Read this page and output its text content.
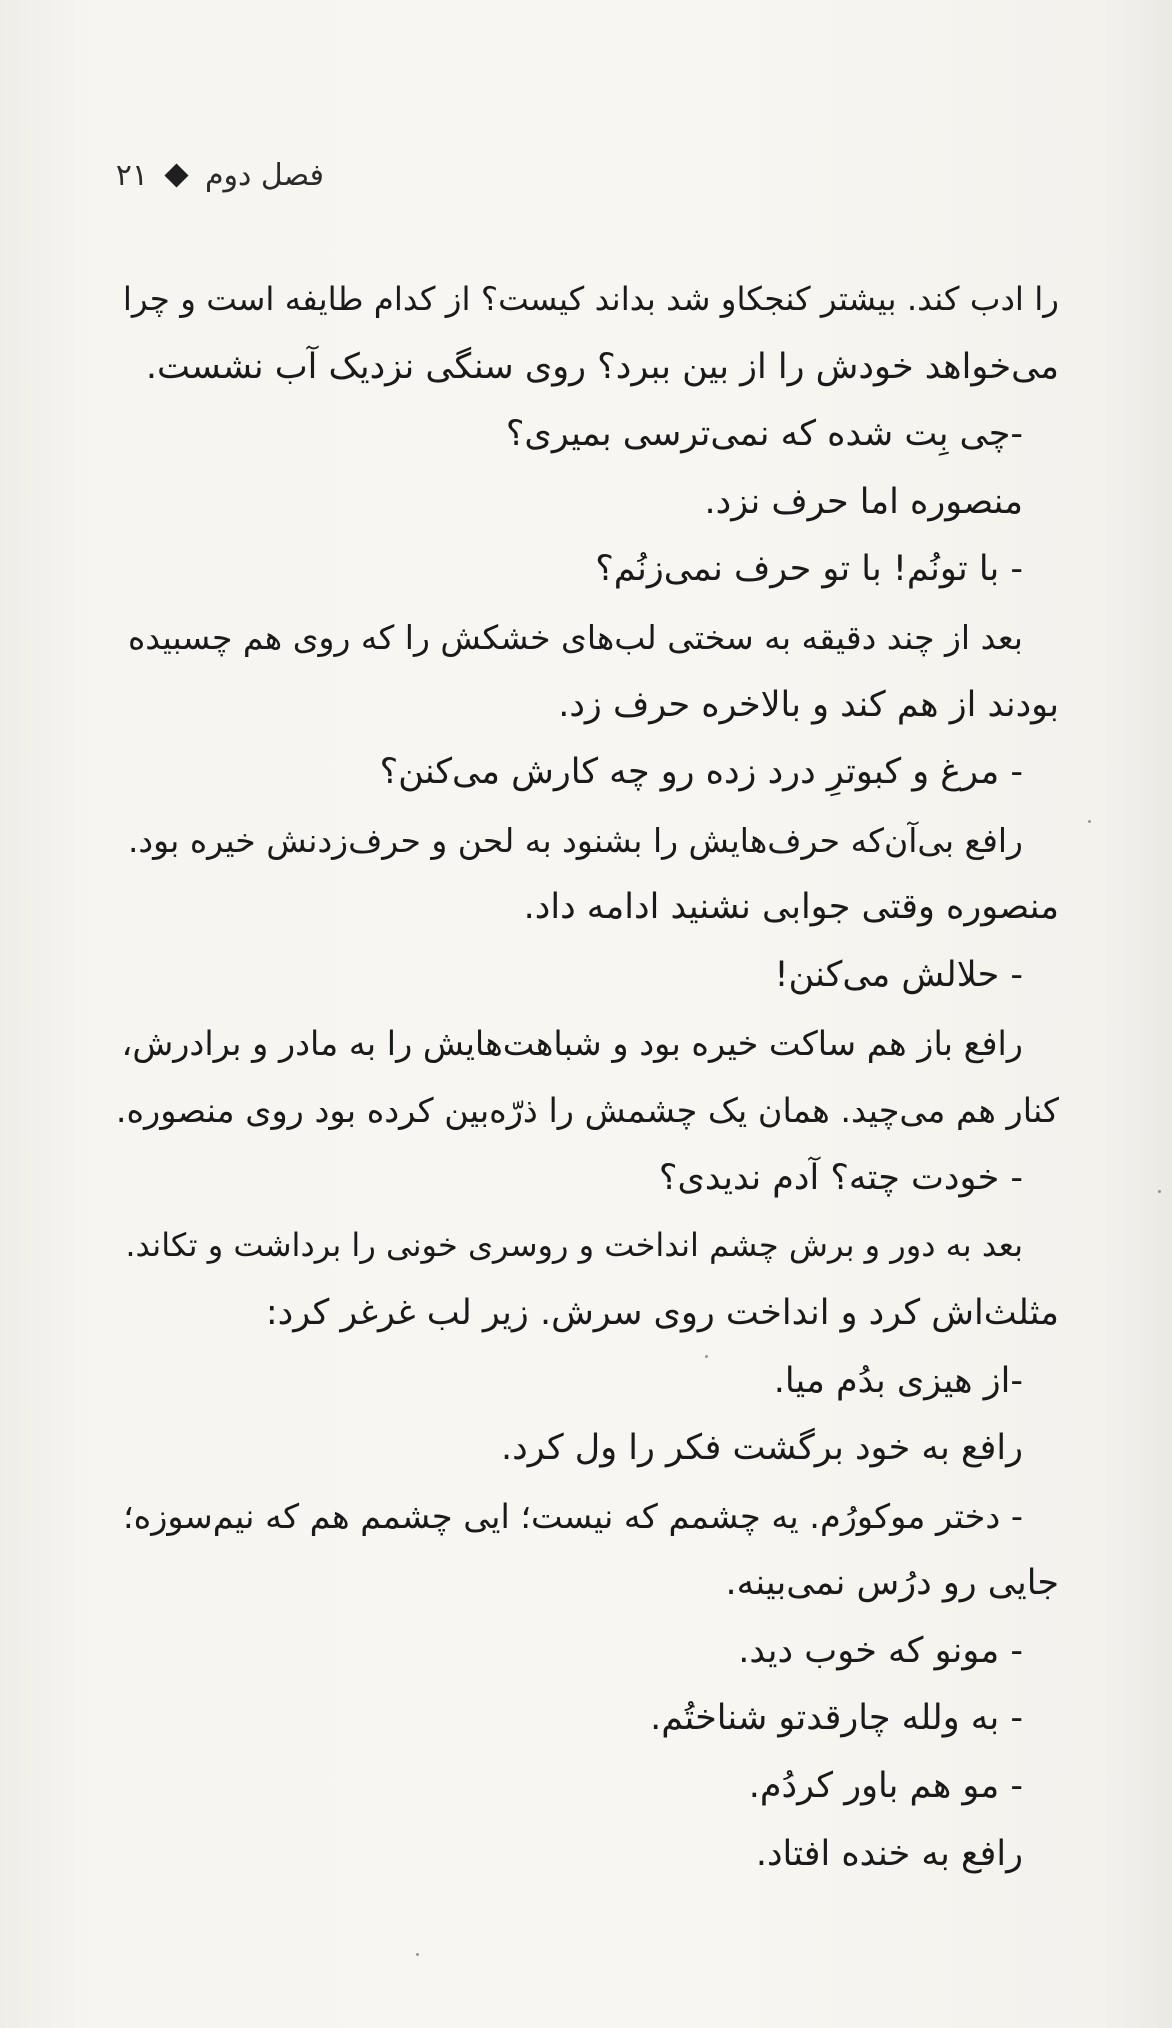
فصل دوم
۲۱

را ادب کند. بیشتر کنجکاو شد بداند کیست؟ از کدام طایفه است و چرا

می‌خواهد خودش را از بین ببرد؟ روی سنگی نزدیک آب نشست.

-چی بِت شده که نمی‌ترسی بمیری؟

منصوره اما حرف نزد.

- با تونُم! با تو حرف نمی‌زنُم؟

بعد از چند دقیقه به سختی لب‌های خشکش را که روی هم چسبیده

بودند از هم کند و بالاخره حرف زد.

- مرغ و کبوترِ درد زده رو چه کارش می‌کنن؟

رافع بی‌آن‌که حرف‌هایش را بشنود به لحن و حرف‌زدنش خیره بود.

منصوره وقتی جوابی نشنید ادامه داد.

- حلالش می‌کنن!

رافع باز هم ساکت خیره بود و شباهت‌هایش را به مادر و برادرش،

کنار هم می‌چید. همان یک چشمش را ذرّه‌بین کرده بود روی منصوره.

- خودت چته؟ آدم ندیدی؟

بعد به دور و برش چشم انداخت و روسری خونی را برداشت و تکاند.

مثلث‌اش کرد و انداخت روی سرش. زیر لب غرغر کرد:

-از هیزی بدُم میا.

رافع به خود برگشت فکر را ول کرد.

- دختر موکورُم. یه چشمم که نیست؛ ایی چشمم هم که نیم‌سوزه؛

جایی رو درُس نمی‌بینه.

- مونو که خوب دید.

- به ولله چارقدتو شناختُم.

- مو هم باور کردُم.

رافع به خنده افتاد.
